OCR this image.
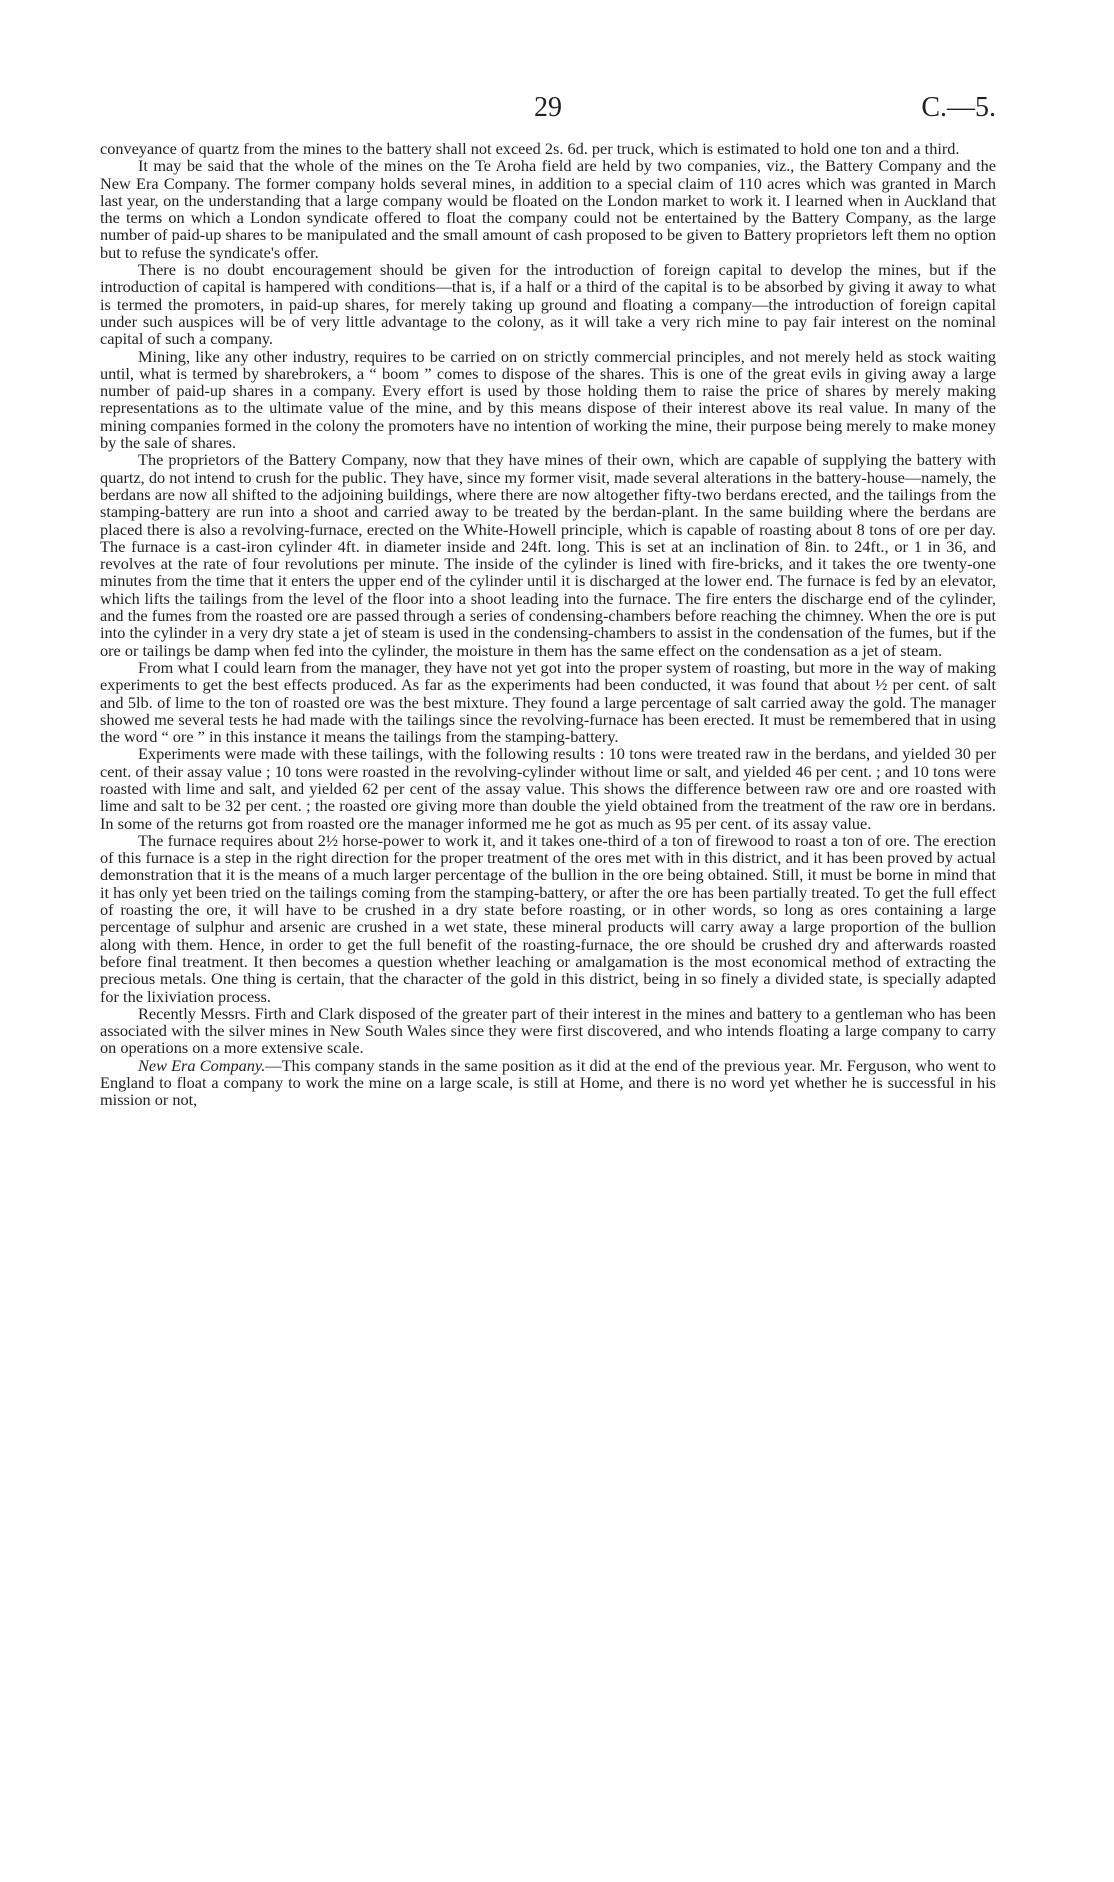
29	C.—5.

conveyance of quartz from the mines to the battery shall not exceed 2s. 6d. per truck, which is estimated to hold one ton and a third.

It may be said that the whole of the mines on the Te Aroha field are held by two companies, viz., the Battery Company and the New Era Company. The former company holds several mines, in addition to a special claim of 110 acres which was granted in March last year, on the understanding that a large company would be floated on the London market to work it. I learned when in Auckland that the terms on which a London syndicate offered to float the company could not be entertained by the Battery Company, as the large number of paid-up shares to be manipulated and the small amount of cash proposed to be given to Battery proprietors left them no option but to refuse the syndicate's offer.

There is no doubt encouragement should be given for the introduction of foreign capital to develop the mines, but if the introduction of capital is hampered with conditions—that is, if a half or a third of the capital is to be absorbed by giving it away to what is termed the promoters, in paid-up shares, for merely taking up ground and floating a company—the introduction of foreign capital under such auspices will be of very little advantage to the colony, as it will take a very rich mine to pay fair interest on the nominal capital of such a company.

Mining, like any other industry, requires to be carried on on strictly commercial principles, and not merely held as stock waiting until, what is termed by sharebrokers, a “ boom ” comes to dispose of the shares. This is one of the great evils in giving away a large number of paid-up shares in a company. Every effort is used by those holding them to raise the price of shares by merely making representations as to the ultimate value of the mine, and by this means dispose of their interest above its real value. In many of the mining companies formed in the colony the promoters have no intention of working the mine, their purpose being merely to make money by the sale of shares.

The proprietors of the Battery Company, now that they have mines of their own, which are capable of supplying the battery with quartz, do not intend to crush for the public. They have, since my former visit, made several alterations in the battery-house—namely, the berdans are now all shifted to the adjoining buildings, where there are now altogether fifty-two berdans erected, and the tailings from the stamping-battery are run into a shoot and carried away to be treated by the berdan-plant. In the same building where the berdans are placed there is also a revolving-furnace, erected on the White-Howell principle, which is capable of roasting about 8 tons of ore per day. The furnace is a cast-iron cylinder 4ft. in diameter inside and 24ft. long. This is set at an inclination of 8in. to 24ft., or 1 in 36, and revolves at the rate of four revolutions per minute. The inside of the cylinder is lined with fire-bricks, and it takes the ore twenty-one minutes from the time that it enters the upper end of the cylinder until it is discharged at the lower end. The furnace is fed by an elevator, which lifts the tailings from the level of the floor into a shoot leading into the furnace. The fire enters the discharge end of the cylinder, and the fumes from the roasted ore are passed through a series of condensing-chambers before reaching the chimney. When the ore is put into the cylinder in a very dry state a jet of steam is used in the condensing-chambers to assist in the condensation of the fumes, but if the ore or tailings be damp when fed into the cylinder, the moisture in them has the same effect on the condensation as a jet of steam.

From what I could learn from the manager, they have not yet got into the proper system of roasting, but more in the way of making experiments to get the best effects produced. As far as the experiments had been conducted, it was found that about ½ per cent. of salt and 5lb. of lime to the ton of roasted ore was the best mixture. They found a large percentage of salt carried away the gold. The manager showed me several tests he had made with the tailings since the revolving-furnace has been erected. It must be remembered that in using the word “ ore ” in this instance it means the tailings from the stamping-battery.

Experiments were made with these tailings, with the following results : 10 tons were treated raw in the berdans, and yielded 30 per cent. of their assay value ; 10 tons were roasted in the revolving-cylinder without lime or salt, and yielded 46 per cent. ; and 10 tons were roasted with lime and salt, and yielded 62 per cent of the assay value. This shows the difference between raw ore and ore roasted with lime and salt to be 32 per cent. ; the roasted ore giving more than double the yield obtained from the treatment of the raw ore in berdans. In some of the returns got from roasted ore the manager informed me he got as much as 95 per cent. of its assay value.

The furnace requires about 2½ horse-power to work it, and it takes one-third of a ton of firewood to roast a ton of ore. The erection of this furnace is a step in the right direction for the proper treatment of the ores met with in this district, and it has been proved by actual demonstration that it is the means of a much larger percentage of the bullion in the ore being obtained. Still, it must be borne in mind that it has only yet been tried on the tailings coming from the stamping-battery, or after the ore has been partially treated. To get the full effect of roasting the ore, it will have to be crushed in a dry state before roasting, or in other words, so long as ores containing a large percentage of sulphur and arsenic are crushed in a wet state, these mineral products will carry away a large proportion of the bullion along with them. Hence, in order to get the full benefit of the roasting-furnace, the ore should be crushed dry and afterwards roasted before final treatment. It then becomes a question whether leaching or amalgamation is the most economical method of extracting the precious metals. One thing is certain, that the character of the gold in this district, being in so finely a divided state, is specially adapted for the lixiviation process.

Recently Messrs. Firth and Clark disposed of the greater part of their interest in the mines and battery to a gentleman who has been associated with the silver mines in New South Wales since they were first discovered, and who intends floating a large company to carry on operations on a more extensive scale.

New Era Company.—This company stands in the same position as it did at the end of the previous year. Mr. Ferguson, who went to England to float a company to work the mine on a large scale, is still at Home, and there is no word yet whether he is successful in his mission or not,
